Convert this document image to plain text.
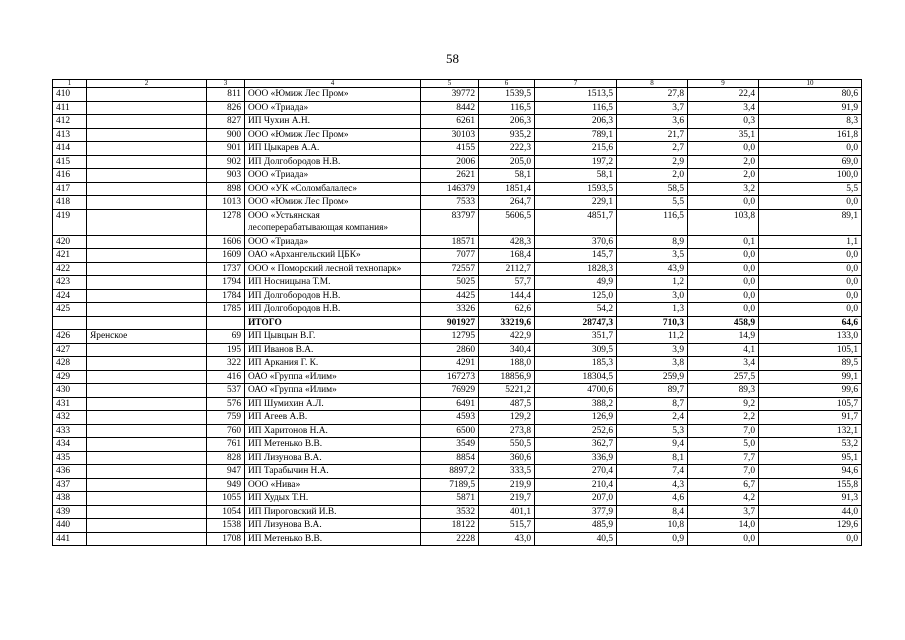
58
1	2	3	4	5	6	7	8	9	10
410		811	ООО «Юмиж Лес Пром»	39772	1539,5	1513,5	27,8	22,4	80,6
411		826	ООО «Триада»	8442	116,5	116,5	3,7	3,4	91,9
412		827	ИП Чухин А.Н.	6261	206,3	206,3	3,6	0,3	8,3
413		900	ООО «Юмиж Лес Пром»	30103	935,2	789,1	21,7	35,1	161,8
414		901	ИП Цыкарев А.А.	4155	222,3	215,6	2,7	0,0	0,0
415		902	ИП Долгобородов Н.В.	2006	205,0	197,2	2,9	2,0	69,0
416		903	ООО «Триада»	2621	58,1	58,1	2,0	2,0	100,0
417		898	ООО «УК «Соломбалалес»	146379	1851,4	1593,5	58,5	3,2	5,5
418		1013	ООО «Юмиж Лес Пром»	7533	264,7	229,1	5,5	0,0	0,0
419		1278	ООО «Устьянская лесоперерабатывающая компания»	83797	5606,5	4851,7	116,5	103,8	89,1
420		1606	ООО «Триада»	18571	428,3	370,6	8,9	0,1	1,1
421		1609	ОАО «Архангельский ЦБК»	7077	168,4	145,7	3,5	0,0	0,0
422		1737	ООО « Поморский лесной технопарк»	72557	2112,7	1828,3	43,9	0,0	0,0
423		1794	ИП Носницына Т.М.	5025	57,7	49,9	1,2	0,0	0,0
424		1784	ИП Долгобородов Н.В.	4425	144,4	125,0	3,0	0,0	0,0
425		1785	ИП Долгобородов Н.В.	3326	62,6	54,2	1,3	0,0	0,0
			ИТОГО	901927	33219,6	28747,3	710,3	458,9	64,6
426	Яренское	69	ИП Цывцын В.Г.	12795	422,9	351,7	11,2	14,9	133,0
427		195	ИП Иванов В.А.	2860	340,4	309,5	3,9	4,1	105,1
428		322	ИП Аркания Г. К.	4291	188,0	185,3	3,8	3,4	89,5
429		416	ОАО «Группа «Илим»	167273	18856,9	18304,5	259,9	257,5	99,1
430		537	ОАО «Группа «Илим»	76929	5221,2	4700,6	89,7	89,3	99,6
431		576	ИП Шумихин А.Л.	6491	487,5	388,2	8,7	9,2	105,7
432		759	ИП Агеев А.В.	4593	129,2	126,9	2,4	2,2	91,7
433		760	ИП Харитонов Н.А.	6500	273,8	252,6	5,3	7,0	132,1
434		761	ИП Метенько В.В.	3549	550,5	362,7	9,4	5,0	53,2
435		828	ИП Лизунова В.А.	8854	360,6	336,9	8,1	7,7	95,1
436		947	ИП Тарабычин Н.А.	8897,2	333,5	270,4	7,4	7,0	94,6
437		949	ООО «Нива»	7189,5	219,9	210,4	4,3	6,7	155,8
438		1055	ИП Худых Т.Н.	5871	219,7	207,0	4,6	4,2	91,3
439		1054	ИП Пироговский И.В.	3532	401,1	377,9	8,4	3,7	44,0
440		1538	ИП Лизунова В.А.	18122	515,7	485,9	10,8	14,0	129,6
441		1708	ИП Метенько В.В.	2228	43,0	40,5	0,9	0,0	0,0
